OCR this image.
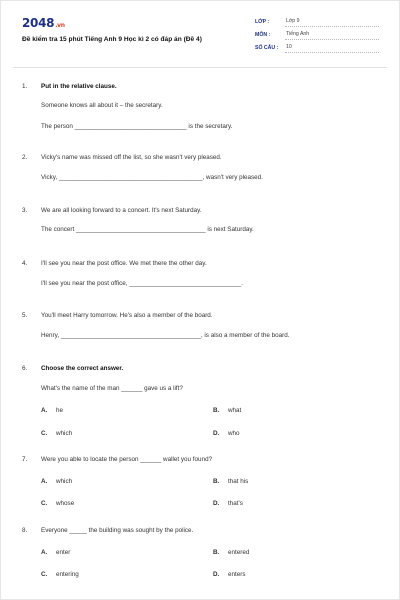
2048.vn
Đề kiểm tra 15 phút Tiếng Anh 9 Học kì 2 có đáp án (Đề 4)
LỚP :	Lớp 9
MÔN :	Tiếng Anh
SỐ CÂU :	10
1. Put in the relative clause.
Someone knows all about it – the secretary.
The person ________________________________ is the secretary.
2. Vicky's name was missed off the list, so she wasn't very pleased.
Vicky, _________________________________________, wasn't very pleased.
3. We are all looking forward to a concert. It's next Saturday.
The concert _____________________________________ is next Saturday.
4. I'll see you near the post office. We met there the other day.
I'll see you near the post office, ________________________________.
5. You'll meet Harry tomorrow. He's also a member of the board.
Henry, ________________________________________, is also a member of the board.
6. Choose the correct answer.
What's the name of the man ______ gave us a lift?
A. he	B. what
C. which	D. who
7. Were you able to locate the person ______ wallet you found?
A. which	B. that his
C. whose	D. that's
8. Everyone _____ the building was sought by the police.
A. enter	B. entered
C. entering	D. enters
